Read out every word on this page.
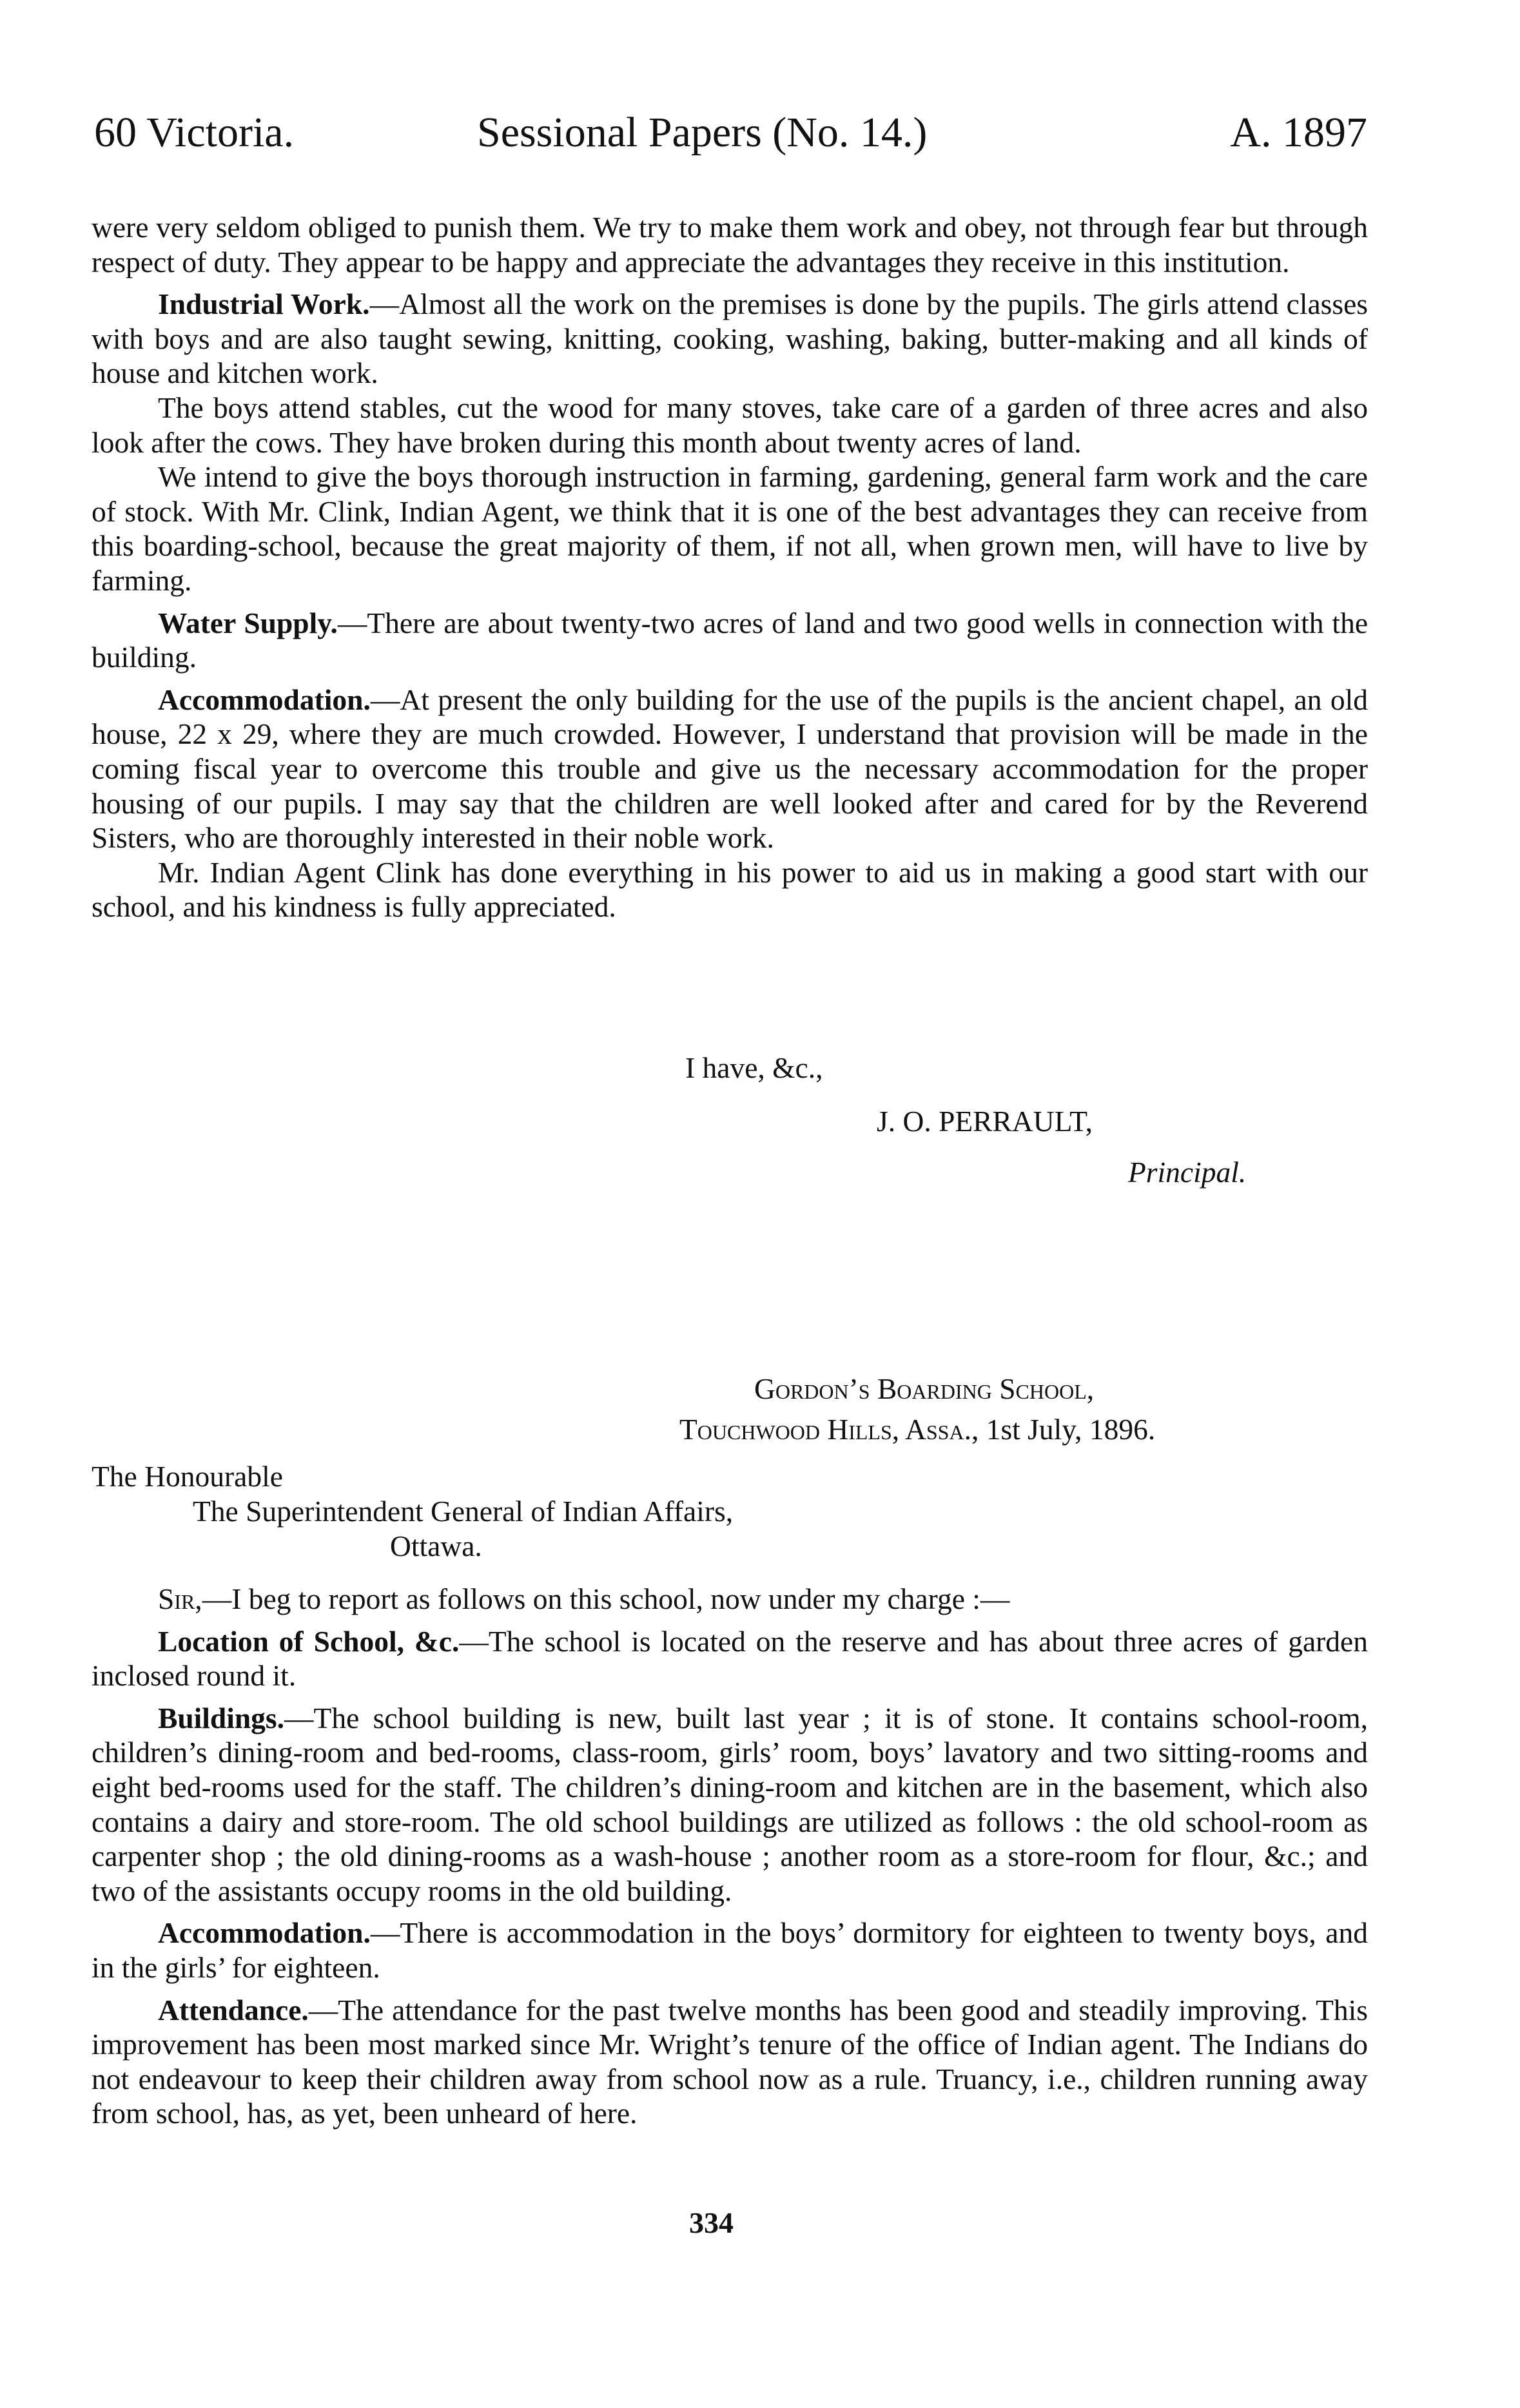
60 Victoria.	Sessional Papers (No. 14.)	A. 1897

were very seldom obliged to punish them. We try to make them work and obey, not through fear but through respect of duty. They appear to be happy and appreciate the advantages they receive in this institution.

Industrial Work.—Almost all the work on the premises is done by the pupils. The girls attend classes with boys and are also taught sewing, knitting, cooking, washing, baking, butter-making and all kinds of house and kitchen work.

The boys attend stables, cut the wood for many stoves, take care of a garden of three acres and also look after the cows. They have broken during this month about twenty acres of land.

We intend to give the boys thorough instruction in farming, gardening, general farm work and the care of stock. With Mr. Clink, Indian Agent, we think that it is one of the best advantages they can receive from this boarding-school, because the great majority of them, if not all, when grown men, will have to live by farming.

Water Supply.—There are about twenty-two acres of land and two good wells in connection with the building.

Accommodation.—At present the only building for the use of the pupils is the ancient chapel, an old house, 22 x 29, where they are much crowded. However, I understand that provision will be made in the coming fiscal year to overcome this trouble and give us the necessary accommodation for the proper housing of our pupils. I may say that the children are well looked after and cared for by the Reverend Sisters, who are thoroughly interested in their noble work.

Mr. Indian Agent Clink has done everything in his power to aid us in making a good start with our school, and his kindness is fully appreciated.

I have, &c.,
J. O. PERRAULT,
Principal.
Gordon’s Boarding School,
Touchwood Hills, Assa., 1st July, 1896.
The Honourable
The Superintendent General of Indian Affairs,
Ottawa.

Sir,—I beg to report as follows on this school, now under my charge :—

Location of School, &c.—The school is located on the reserve and has about three acres of garden inclosed round it.

Buildings.—The school building is new, built last year ; it is of stone. It contains school-room, children’s dining-room and bed-rooms, class-room, girls’ room, boys’ lavatory and two sitting-rooms and eight bed-rooms used for the staff. The children’s dining-room and kitchen are in the basement, which also contains a dairy and store-room. The old school buildings are utilized as follows : the old school-room as carpenter shop ; the old dining-rooms as a wash-house ; another room as a store-room for flour, &c.; and two of the assistants occupy rooms in the old building.

Accommodation.—There is accommodation in the boys’ dormitory for eighteen to twenty boys, and in the girls’ for eighteen.

Attendance.—The attendance for the past twelve months has been good and steadily improving. This improvement has been most marked since Mr. Wright’s tenure of the office of Indian agent. The Indians do not endeavour to keep their children away from school now as a rule. Truancy, i.e., children running away from school, has, as yet, been unheard of here.

334
